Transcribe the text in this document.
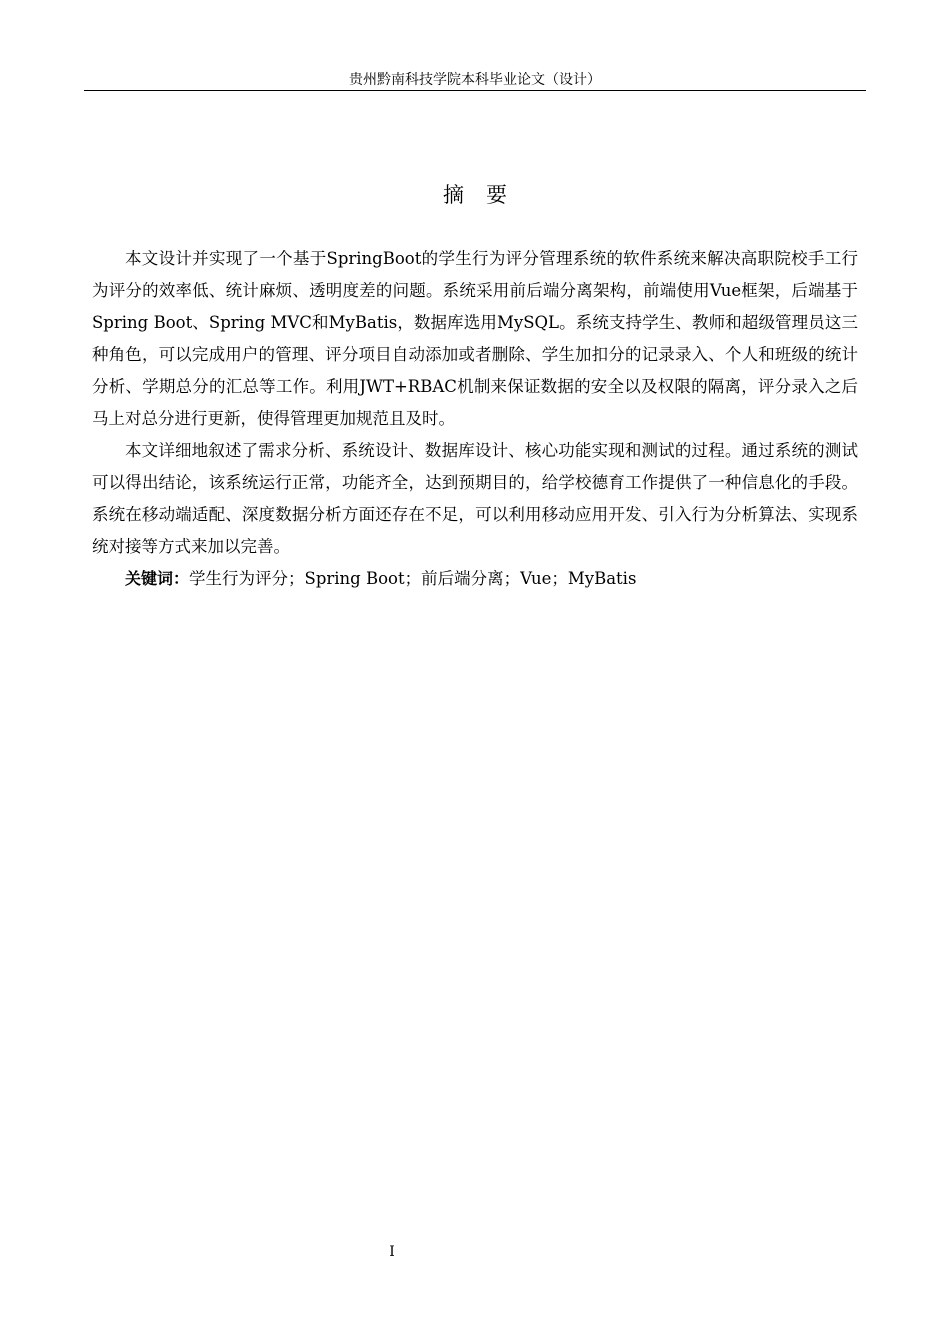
贵州黔南科技学院本科毕业论文（设计）
摘要

本文设计并实现了一个基于SpringBoot的学生行为评分管理系统的软件系统来解决高职院校手工行为评分的效率低、统计麻烦、透明度差的问题。系统采用前后端分离架构，前端使用Vue框架，后端基于Spring Boot、Spring MVC和MyBatis，数据库选用MySQL。系统支持学生、教师和超级管理员这三种角色，可以完成用户的管理、评分项目自动添加或者删除、学生加扣分的记录录入、个人和班级的统计分析、学期总分的汇总等工作。利用JWT+RBAC机制来保证数据的安全以及权限的隔离，评分录入之后马上对总分进行更新，使得管理更加规范且及时。

本文详细地叙述了需求分析、系统设计、数据库设计、核心功能实现和测试的过程。通过系统的测试可以得出结论，该系统运行正常，功能齐全，达到预期目的，给学校德育工作提供了一种信息化的手段。系统在移动端适配、深度数据分析方面还存在不足，可以利用移动应用开发、引入行为分析算法、实现系统对接等方式来加以完善。

关键词：学生行为评分；Spring Boot；前后端分离；Vue；MyBatis

I
